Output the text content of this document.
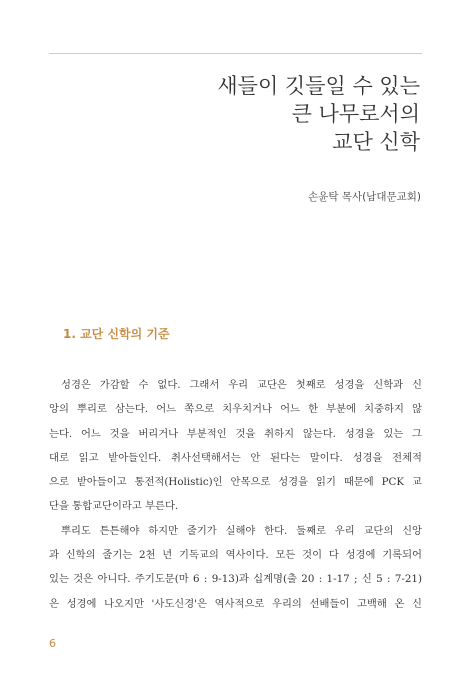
새들이 깃들일 수 있는
큰 나무로서의
교단 신학
손윤탁 목사(남대문교회)
1. 교단 신학의 기준
성경은 가감할 수 없다. 그래서 우리 교단은 첫째로 성경을 신학과 신
앙의 뿌리로 삼는다. 어느 쪽으로 치우치거나 어느 한 부분에 치중하지 않
는다. 어느 것을 버리거나 부분적인 것을 취하지 않는다. 성경을 있는 그
대로 읽고 받아들인다. 취사선택해서는 안 된다는 말이다. 성경을 전체적
으로 받아들이고 통전적(Holistic)인 안목으로 성경을 읽기 때문에 PCK 교
단을 통합교단이라고 부른다.
뿌리도 튼튼해야 하지만 줄기가 실해야 한다. 둘째로 우리 교단의 신앙
과 신학의 줄기는 2천 년 기독교의 역사이다. 모든 것이 다 성경에 기록되어
있는 것은 아니다. 주기도문(마 6 : 9-13)과 십계명(출 20 : 1-17 ; 신 5 : 7-21)
은 성경에 나오지만 '사도신경'은 역사적으로 우리의 선배들이 고백해 온 신
6
